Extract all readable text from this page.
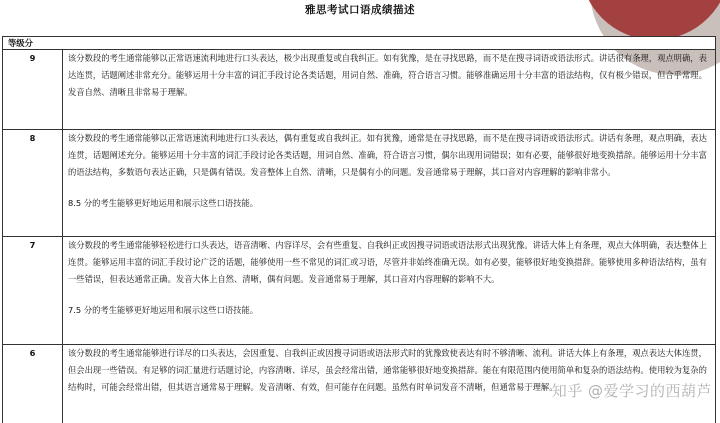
雅思考试口语成绩描述
等级分	
9	该分数段的考生通常能够以正常语速流利地进行口头表达，极少出现重复或自我纠正。如有犹豫，是在寻找思路，而不是在搜寻词语或语法形式。讲话很有条理，观点明确，表达连贯，话题阐述非常充分。能够运用十分丰富的词汇手段讨论各类话题，用词自然、准确，符合语言习惯。能够准确运用十分丰富的语法结构，仅有极少错误，但合乎常理。发音自然、清晰且非常易于理解。

8	该分数段的考生通常能够以正常语速流利地进行口头表达，偶有重复或自我纠正。如有犹豫，通常是在寻找思路，而不是在搜寻词语或语法形式。讲话有条理，观点明确，表达连贯，话题阐述充分。能够运用十分丰富的词汇手段讨论各类话题，用词自然、准确，符合语言习惯，偶尔出现用词错误；如有必要，能够很好地变换措辞。能够运用十分丰富的语法结构，多数语句表达正确，只是偶有错误。发音整体上自然、清晰，只是偶有小的问题。发音通常易于理解，其口音对内容理解的影响非常小。

8.5 分的考生能够更好地运用和展示这些口语技能。

7	该分数段的考生通常能够轻松进行口头表达，语音清晰、内容详尽，会有些重复、自我纠正或因搜寻词语或语法形式出现犹豫。讲话大体上有条理，观点大体明确，表达整体上连贯。能够运用丰富的词汇手段讨论广泛的话题，能够使用一些不常见的词汇或习语，尽管并非始终准确无误。如有必要，能够很好地变换措辞。能够使用多种语法结构，虽有一些错误，但表达通常正确。发音大体上自然、清晰，偶有问题。发音通常易于理解，其口音对内容理解的影响不大。

7.5 分的考生能够更好地运用和展示这些口语技能。

6	该分数段的考生通常能够进行详尽的口头表达，会因重复、自我纠正或因搜寻词语或语法形式时的犹豫致使表达有时不够清晰、流利。讲话大体上有条理，观点表达大体连贯，但会出现一些错误。有足够的词汇量进行话题讨论，内容清晰、详尽，虽会经常出错，通常能够很好地变换措辞。能在有限范围内使用简单和复杂的语法结构。使用较为复杂的结构时，可能会经常出错，但其语言通常易于理解。发音清晰、有效，但可能存在问题。虽然有时单词发音不清晰，但通常易于理解。

知乎 @爱学习的西葫芦
